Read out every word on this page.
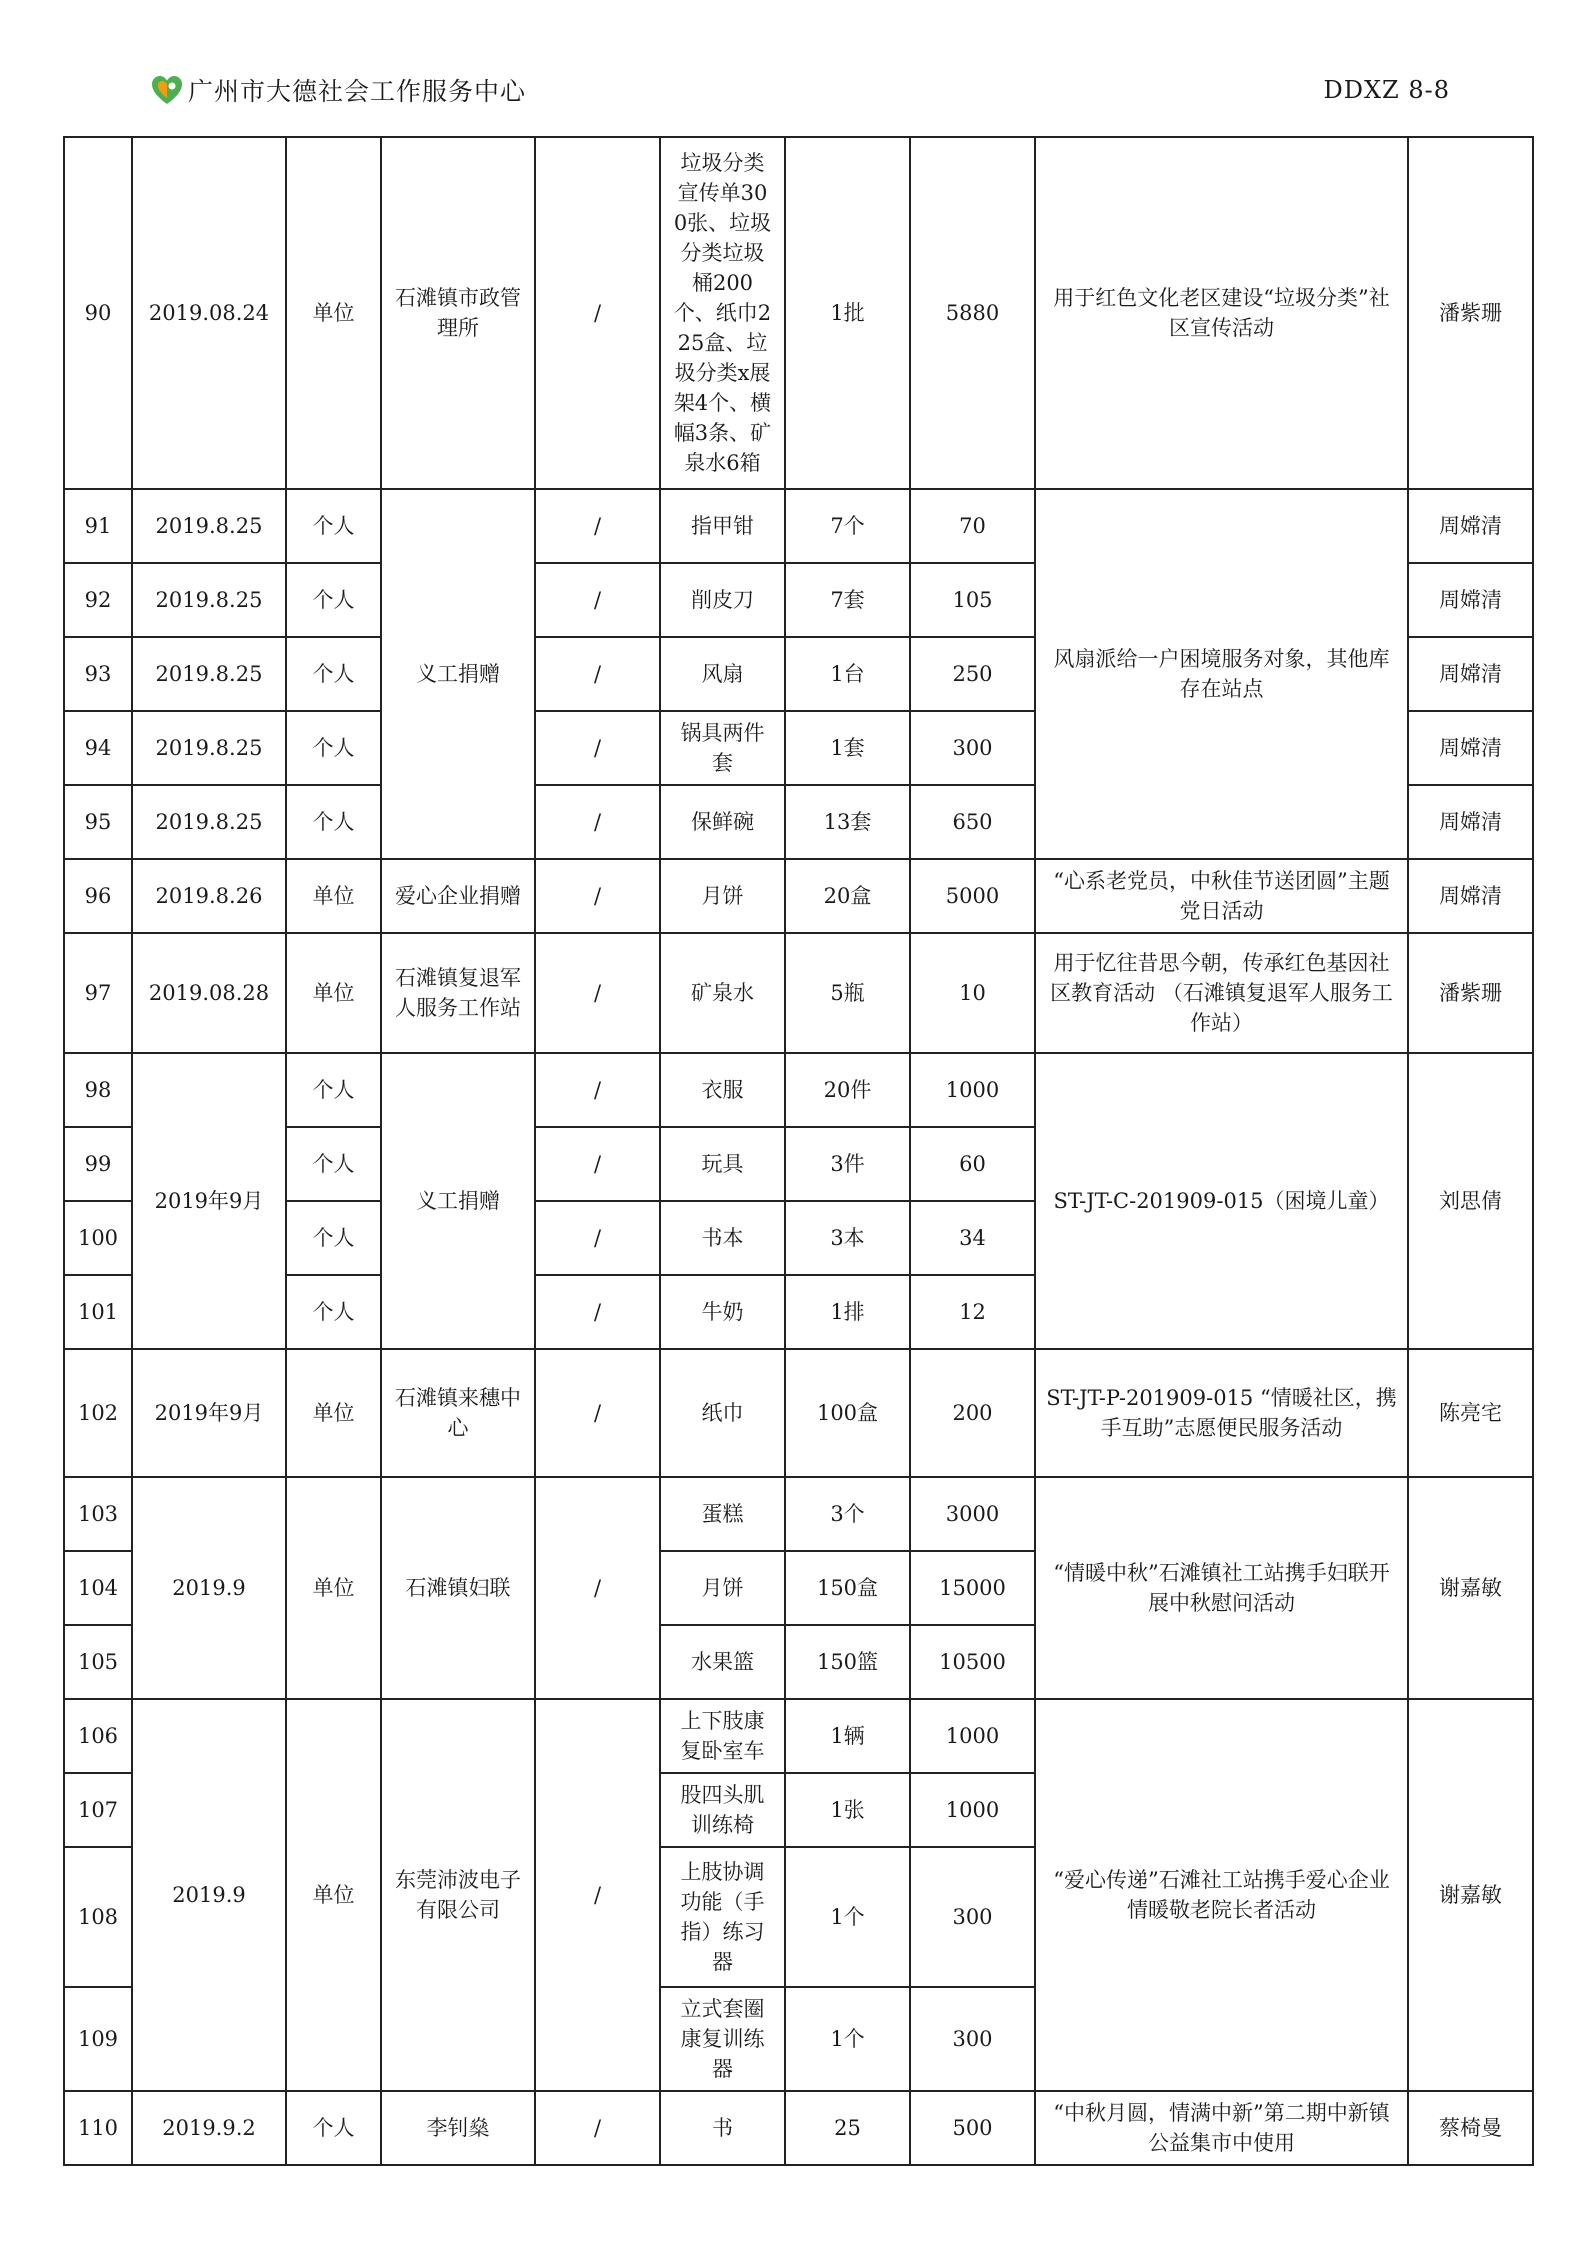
广州市大德社会工作服务中心	DDXZ 8-8
90	2019.08.24	单位	石滩镇市政管理所	/	垃圾分类宣传单300张、垃圾分类垃圾桶200个、纸巾225盒、垃圾分类x展架4个、横幅3条、矿泉水6箱	1批	5880	用于红色文化老区建设“垃圾分类”社区宣传活动	潘紫珊
91	2019.8.25	个人	义工捐赠	/	指甲钳	7个	70	风扇派给一户困境服务对象，其他库存在站点	周嫦清
92	2019.8.25	个人		/	削皮刀	7套	105		周嫦清
93	2019.8.25	个人		/	风扇	1台	250		周嫦清
94	2019.8.25	个人		/	锅具两件套	1套	300		周嫦清
95	2019.8.25	个人		/	保鲜碗	13套	650		周嫦清
96	2019.8.26	单位	爱心企业捐赠	/	月饼	20盒	5000	“心系老党员，中秋佳节送团圆”主题党日活动	周嫦清
97	2019.08.28	单位	石滩镇复退军人服务工作站	/	矿泉水	5瓶	10	用于忆往昔思今朝，传承红色基因社区教育活动 （石滩镇复退军人服务工作站）	潘紫珊
98	2019年9月	个人	义工捐赠	/	衣服	20件	1000	ST-JT-C-201909-015（困境儿童）	刘思倩
99		个人		/	玩具	3件	60		
100		个人		/	书本	3本	34		
101		个人		/	牛奶	1排	12		
102	2019年9月	单位	石滩镇来穗中心	/	纸巾	100盒	200	ST-JT-P-201909-015 “情暖社区，携手互助”志愿便民服务活动	陈亮宅
103	2019.9	单位	石滩镇妇联	/	蛋糕	3个	3000	“情暖中秋”石滩镇社工站携手妇联开展中秋慰问活动	谢嘉敏
104					月饼	150盒	15000		
105					水果篮	150篮	10500		
106	2019.9	单位	东莞沛波电子有限公司	/	上下肢康复卧室车	1辆	1000	“爱心传递”石滩社工站携手爱心企业情暖敬老院长者活动	谢嘉敏
107					股四头肌训练椅	1张	1000		
108					上肢协调功能（手指）练习器	1个	300		
109					立式套圈康复训练器	1个	300		
110	2019.9.2	个人	李钊燊	/	书	25	500	“中秋月圆，情满中新”第二期中新镇公益集市中使用	蔡椅曼
